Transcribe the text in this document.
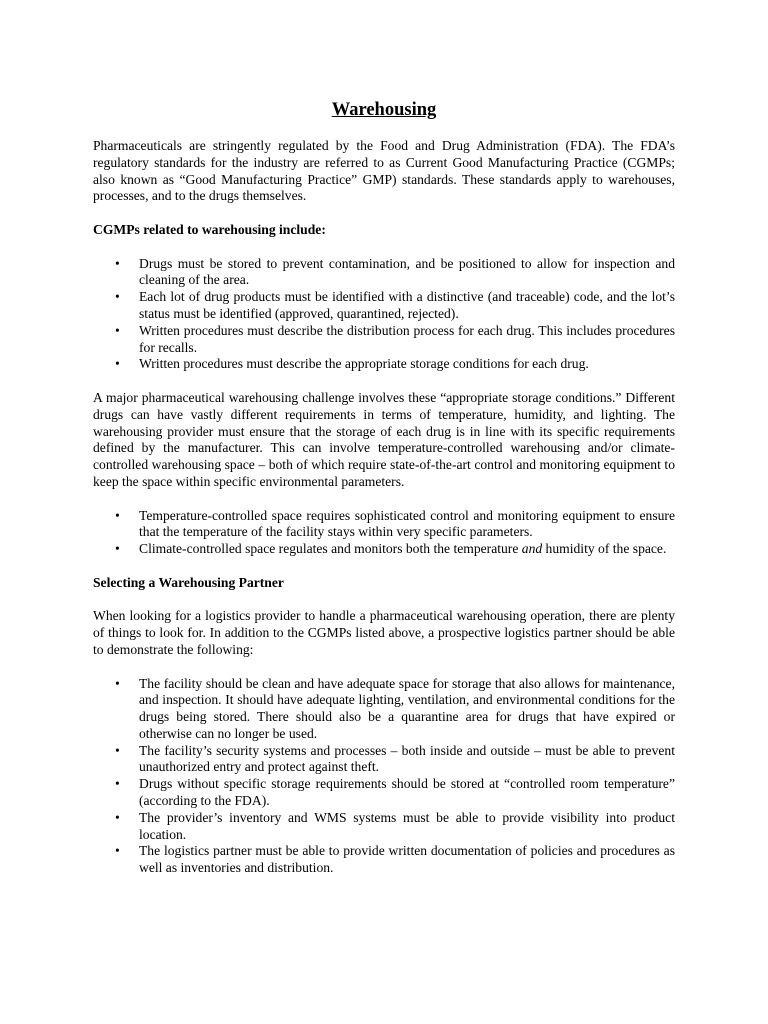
Warehousing

Pharmaceuticals are stringently regulated by the Food and Drug Administration (FDA). The FDA’s regulatory standards for the industry are referred to as Current Good Manufacturing Practice (CGMPs; also known as “Good Manufacturing Practice” GMP) standards. These standards apply to warehouses, processes, and to the drugs themselves.

CGMPs related to warehousing include:

• Drugs must be stored to prevent contamination, and be positioned to allow for inspection and cleaning of the area.
• Each lot of drug products must be identified with a distinctive (and traceable) code, and the lot’s status must be identified (approved, quarantined, rejected).
• Written procedures must describe the distribution process for each drug. This includes procedures for recalls.
• Written procedures must describe the appropriate storage conditions for each drug.

A major pharmaceutical warehousing challenge involves these “appropriate storage conditions.” Different drugs can have vastly different requirements in terms of temperature, humidity, and lighting. The warehousing provider must ensure that the storage of each drug is in line with its specific requirements defined by the manufacturer. This can involve temperature-controlled warehousing and/or climate-controlled warehousing space – both of which require state-of-the-art control and monitoring equipment to keep the space within specific environmental parameters.

• Temperature-controlled space requires sophisticated control and monitoring equipment to ensure that the temperature of the facility stays within very specific parameters.
• Climate-controlled space regulates and monitors both the temperature and humidity of the space.

Selecting a Warehousing Partner

When looking for a logistics provider to handle a pharmaceutical warehousing operation, there are plenty of things to look for. In addition to the CGMPs listed above, a prospective logistics partner should be able to demonstrate the following:

• The facility should be clean and have adequate space for storage that also allows for maintenance, and inspection. It should have adequate lighting, ventilation, and environmental conditions for the drugs being stored. There should also be a quarantine area for drugs that have expired or otherwise can no longer be used.
• The facility’s security systems and processes – both inside and outside – must be able to prevent unauthorized entry and protect against theft.
• Drugs without specific storage requirements should be stored at “controlled room temperature” (according to the FDA).
• The provider’s inventory and WMS systems must be able to provide visibility into product location.
• The logistics partner must be able to provide written documentation of policies and procedures as well as inventories and distribution.
